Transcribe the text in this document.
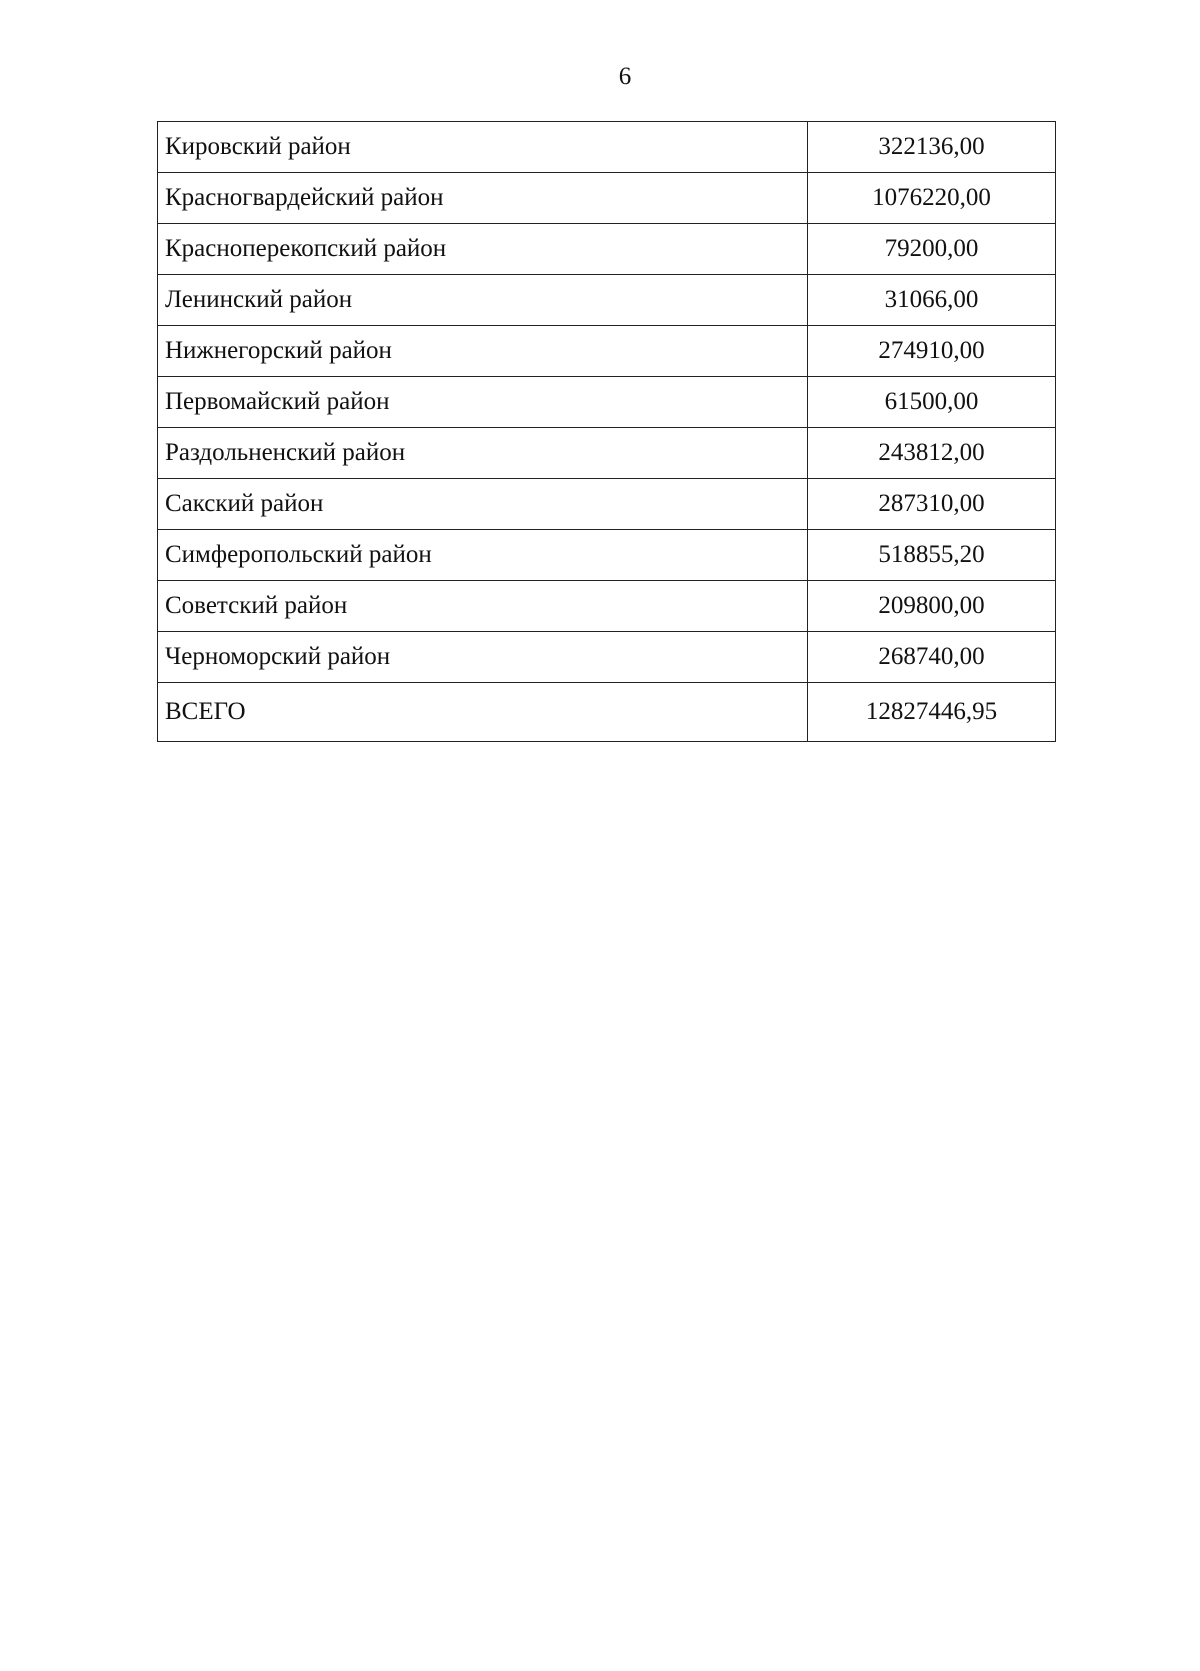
6
Кировский район	322136,00
Красногвардейский район	1076220,00
Красноперекопский район	79200,00
Ленинский район	31066,00
Нижнегорский район	274910,00
Первомайский район	61500,00
Раздольненский район	243812,00
Сакский район	287310,00
Симферопольский район	518855,20
Советский район	209800,00
Черноморский район	268740,00
ВСЕГО	12827446,95
